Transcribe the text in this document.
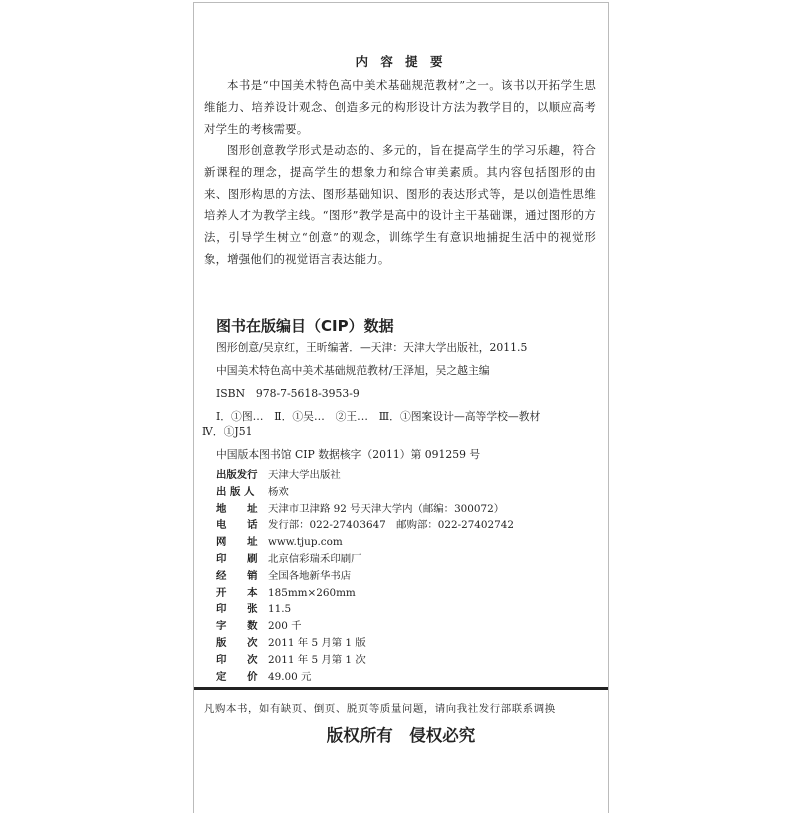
内 容 提 要
本书是“中国美术特色高中美术基础规范教材”之一。该书以开拓学生思维能力、培养设计观念、创造多元的构形设计方法为教学目的，以顺应高考对学生的考核需要。
图形创意教学形式是动态的、多元的，旨在提高学生的学习乐趣，符合新课程的理念，提高学生的想象力和综合审美素质。其内容包括图形的由来、图形构思的方法、图形基础知识、图形的表达形式等，是以创造性思维培养人才为教学主线。“图形”教学是高中的设计主干基础课，通过图形的方法，引导学生树立“创意”的观念，训练学生有意识地捕捉生活中的视觉形象，增强他们的视觉语言表达能力。
图书在版编目（CIP）数据
图形创意/吴京红，王昕编著．—天津：天津大学出版社，2011.5
中国美术特色高中美术基础规范教材/王泽旭，吴之越主编
ISBN　978-7-5618-3953-9
Ⅰ．①图…　Ⅱ．①吴…　②王…　Ⅲ．①图案设计—高等学校—教材
Ⅳ．①J51
中国版本图书馆 CIP 数据核字（2011）第 091259 号
出版发行 天津大学出版社
出 版 人 杨欢
地　　址 天津市卫津路 92 号天津大学内（邮编：300072）
电　　话 发行部：022-27403647　邮购部：022-27402742
网　　址 www.tjup.com
印　　刷 北京信彩瑞禾印刷厂
经　　销 全国各地新华书店
开　　本 185mm×260mm
印　　张 11.5
字　　数 200 千
版　　次 2011 年 5 月第 1 版
印　　次 2011 年 5 月第 1 次
定　　价 49.00 元
凡购本书，如有缺页、倒页、脱页等质量问题，请向我社发行部联系调换
版权所有　侵权必究
